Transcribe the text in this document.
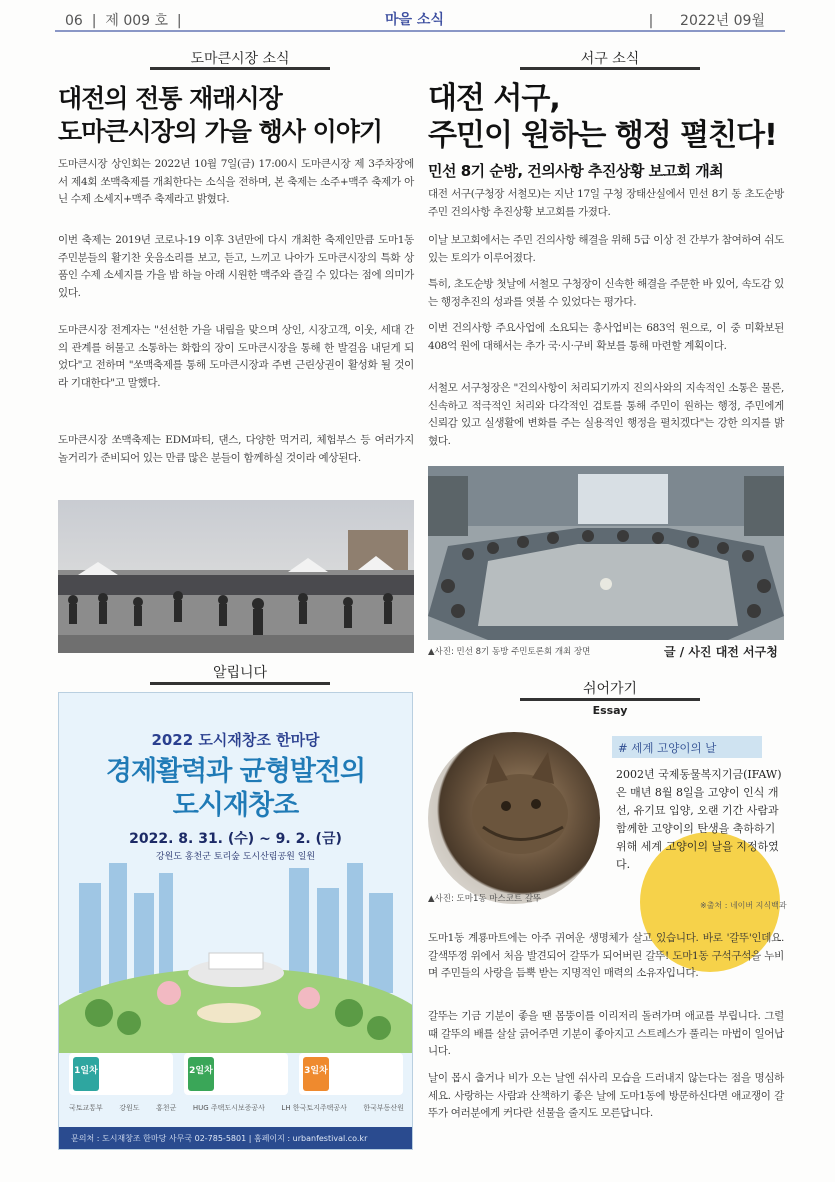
06  |  제 009 호  |	마을 소식	|      2022년 09월
도마큰시장 소식
대전의 전통 재래시장
도마큰시장의 가을 행사 이야기
도마큰시장 상인회는 2022년 10월 7일(금) 17:00시 도마큰시장 제 3주차장에서 제4회 쏘맥축제를 개최한다는 소식을 전하며, 본 축제는 소주+맥주 축제가 아닌 수제 소세지+맥주 축제라고 밝혔다.
이번 축제는 2019년 코로나-19 이후 3년만에 다시 개최한 축제인만큼 도마1동 주민분들의 활기찬 웃음소리를 보고, 듣고, 느끼고 나아가 도마큰시장의 특화 상품인 수제 소세지를 가을 밤 하늘 아래 시원한 맥주와 즐길 수 있다는 점에 의미가 있다.
도마큰시장 전계자는 "선선한 가을 내림을 맞으며 상인, 시장고객, 이웃, 세대 간의 관계를 허물고 소통하는 화합의 장이 도마큰시장을 통해 한 발걸음 내딛게 되었다"고 전하며 "쏘맥축제를 통해 도마큰시장과 주변 근린상권이 활성화 될 것이라 기대한다"고 말했다.
도마큰시장 쏘맥축제는 EDM파티, 댄스, 다양한 먹거리, 체험부스 등 여러가지 놀거리가 준비되어 있는 만큼 많은 분들이 함께하실 것이라 예상된다.
서구 소식
대전 서구,
주민이 원하는 행정 펼친다!
민선 8기 순방, 건의사항 추진상황 보고회 개최
대전 서구(구청장 서철모)는 지난 17일 구청 장태산실에서 민선 8기 동 초도순방 주민 건의사항 추진상황 보고회를 가졌다.
이날 보고회에서는 주민 건의사항 해결을 위해 5급 이상 전 간부가 참여하여 쉬도 있는 토의가 이루어졌다.
특히, 초도순방 첫날에 서철모 구청장이 신속한 해결을 주문한 바 있어, 속도감 있는 행정추진의 성과를 엿볼 수 있었다는 평가다.
이번 건의사항 주요사업에 소요되는 총사업비는 683억 원으로, 이 중 미확보된 408억 원에 대해서는 추가 국·시·구비 확보를 통해 마련할 계획이다.
서철모 서구청장은 "건의사항이 처리되기까지 진의사와의 지속적인 소통은 물론, 신속하고 적극적인 처리와 다각적인 검토를 통해 주민이 원하는 행정, 주민에게 신뢰감 있고 실생활에 변화를 주는 실용적인 행정을 펼치겠다"는 강한 의지를 밝혔다.
▲사진: 민선 8기 동방 주민토론회 개최 장면	글 / 사진 대전 서구청
알립니다
2022 도시재창조 한마당
경제활력과 균형발전의
도시재창조
2022. 8. 31. (수) ~ 9. 2. (금)
강원도 홍천군 토리숲 도시산림공원 일원
1일차	2일차	3일차
국토교통부 강원도 홍천군 HUG 주택도시보증공사 LH 한국토지주택공사 한국부동산원
문의처 : 도시재창조 한마당 사무국 02-785-5801 | 홈페이지 : urbanfestival.co.kr
쉬어가기
Essay
▲사진: 도마1동 마스코트 갈뚜
# 세계 고양이의 날
2002년 국제동물복지기금(IFAW)은 매년 8월 8일을 고양이 인식 개선, 유기묘 입양, 오랜 기간 사람과 함께한 고양이의 탄생을 축하하기 위해 세계 고양이의 날을 지정하였다.
※출처 : 네이버 지식백과
도마1동 계룡마트에는 아주 귀여운 생명체가 살고 있습니다. 바로 '갈뚜'인데요. 갈색뚜껑 위에서 처음 발견되어 갈뚜가 되어버린 갈뚜! 도마1동 구석구석을 누비며 주민들의 사랑을 듬뿍 받는 지명적인 매력의 소유자입니다.
갈뚜는 기금 기분이 좋을 땐 몸뚱이를 이리저리 돌려가며 애교를 부립니다. 그럴 때 갈뚜의 배를 살살 긁어주면 기분이 좋아지고 스트레스가 풀리는 마법이 일어납니다.
날이 몹시 춥거나 비가 오는 날엔 쉬사리 모습을 드러내지 않는다는 점을 명심하세요. 사랑하는 사람과 산책하기 좋은 날에 도마1동에 방문하신다면 애교쟁이 갈뚜가 여러분에게 커다란 선물을 줄지도 모른답니다.
